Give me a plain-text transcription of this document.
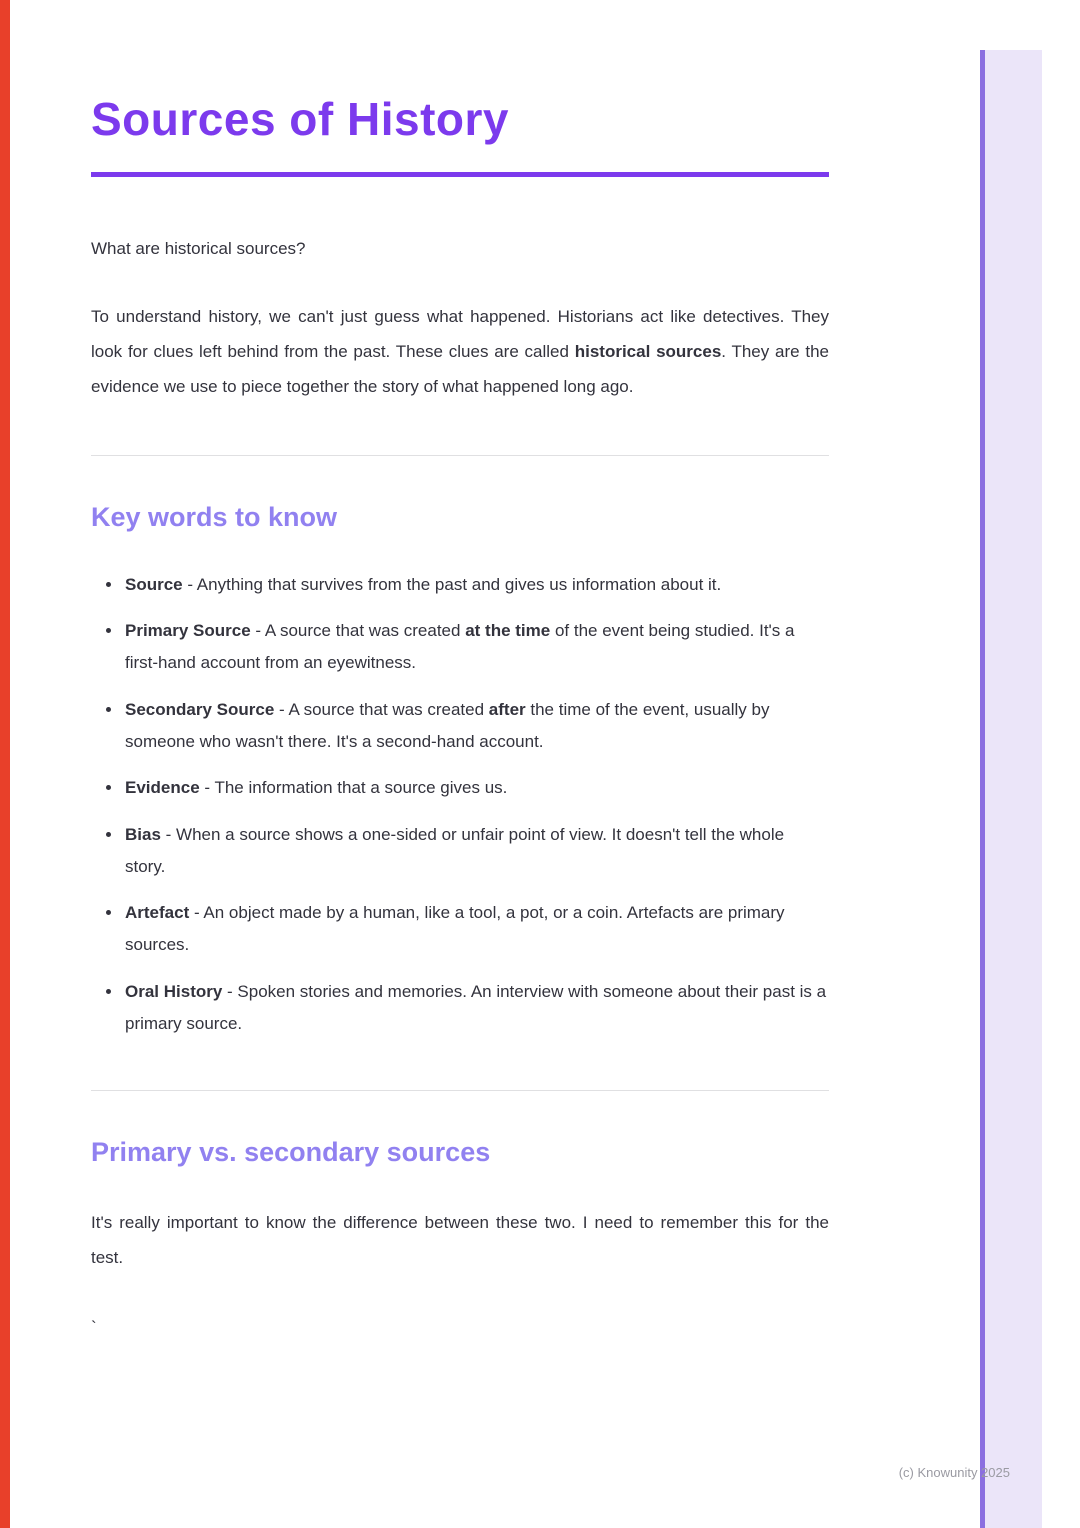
Sources of History

What are historical sources?

To understand history, we can't just guess what happened. Historians act like detectives. They look for clues left behind from the past. These clues are called historical sources. They are the evidence we use to piece together the story of what happened long ago.

Key words to know
• Source - Anything that survives from the past and gives us information about it.
• Primary Source - A source that was created at the time of the event being studied. It's a first-hand account from an eyewitness.
• Secondary Source - A source that was created after the time of the event, usually by someone who wasn't there. It's a second-hand account.
• Evidence - The information that a source gives us.
• Bias - When a source shows a one-sided or unfair point of view. It doesn't tell the whole story.
• Artefact - An object made by a human, like a tool, a pot, or a coin. Artefacts are primary sources.
• Oral History - Spoken stories and memories. An interview with someone about their past is a primary source.
Primary vs. secondary sources

It's really important to know the difference between these two. I need to remember this for the test.

`

(c) Knowunity 2025
